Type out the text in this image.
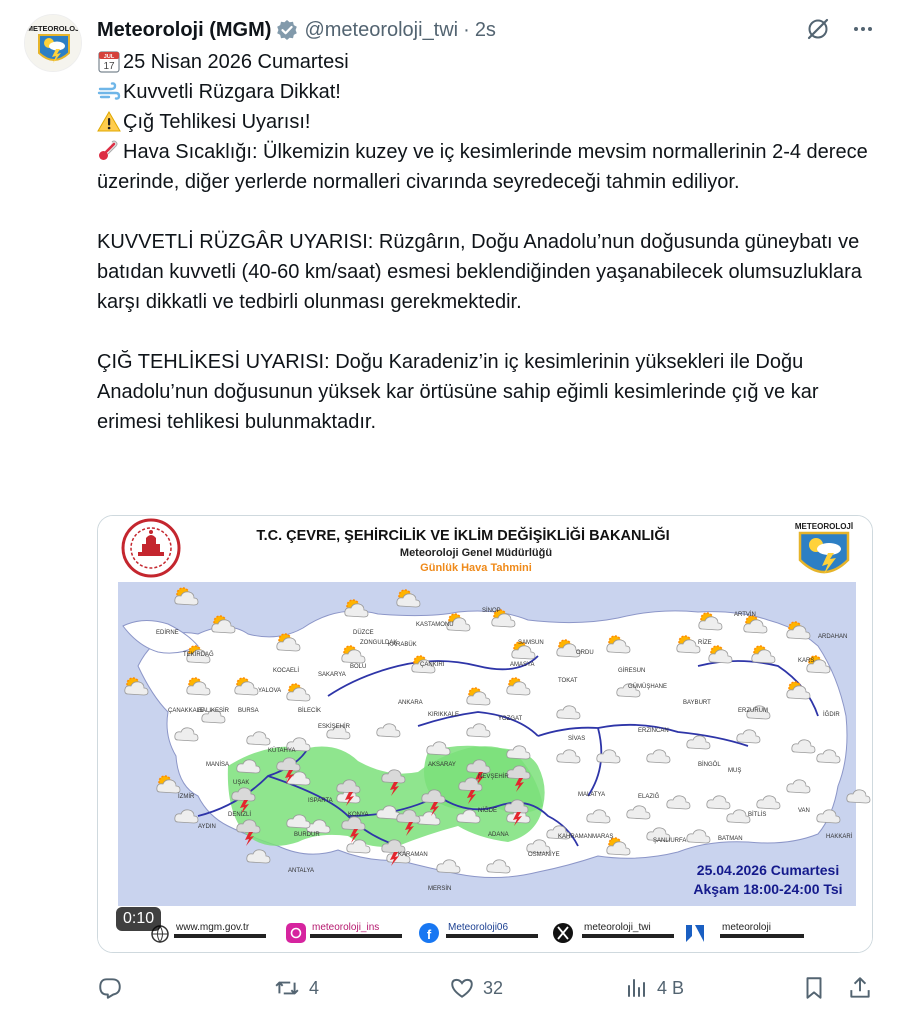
METEOROLOJİ Meteoroloji (MGM) @meteoroloji_twi · 2s
JUL
17 25 Nisan 2026 Cumartesi
Kuvvetli Rüzgara Dikkat!
Çığ Tehlikesi Uyarısı!

Hava Sıcaklığı: Ülkemizin kuzey ve iç kesimlerinde mevsim normallerinin 2-4 derece üzerinde, diğer yerlerde normalleri civarında seyredeceği tahmin ediliyor.

KUVVETLİ RÜZGÂR UYARISI: Rüzgârın, Doğu Anadolu’nun doğusunda güneybatı ve batıdan kuvvetli (40-60 km/saat) esmesi beklendiğinden yaşanabilecek olumsuzluklara karşı dikkatli ve tedbirli olunması gerekmektedir.

ÇIĞ TEHLİKESİ UYARISI: Doğu Karadeniz’in iç kesimlerinin yüksekleri ile Doğu Anadolu’nun doğusunun yüksek kar örtüsüne sahip eğimli kesimlerinde çığ ve kar erimesi tehlikesi bulunmaktadır.

T.C. ÇEVRE, ŞEHİRCİLİK VE İKLİM DEĞİŞİKLİĞİ BAKANLIĞI
Meteoroloji Genel Müdürlüğü
Günlük Hava Tahmini
METEOROLOJİ
EDİRNE
TEKİRDAĞ
KOCAELİ
ZONGULDAK
KASTAMONU
SİNOP
SAMSUN
ORDU
GİRESUN
RİZE
ARTVİN
BOLU
KARABÜK
ÇANKIRI	AMASYA
TOKAT
GÜMÜŞHANE
BAYBURT
YALOVA
BURSA	BİLECİK
SAKARYA
DÜZCE
ANKARA
KIRIKKALE
YOZGAT
SİVAS
ERZİNCAN
BALIKESİR
ESKİŞEHİR
KÜTAHYA
ÇANAKKALE
MANİSA
UŞAK
İZMİR
AYDIN
BURDUR
ANTALYA
KONYA
KARAMAN
NEVŞEHİR
NİĞDE
MERSİN
OSMANİYE
MALATYA	ELAZIĞ
BİNGÖL
MUŞ
BİTLİS
BATMAN
ŞANLIURFA
HAKKARİ
KAHRAMANMARAŞ
ISPARTA
DENİZLİ
ADANA
AKSARAY
İĞDIR
VAN
ERZURUM
KARS
ARDAHAN
25.04.2026 Cumartesi
Akşam 18:00-24:00 Tsi
www.mgm.gov.tr	meteoroloji_ins	f Meteoroloji06	meteoroloji_twi	meteoroloji
0:10
4	32	4 B
